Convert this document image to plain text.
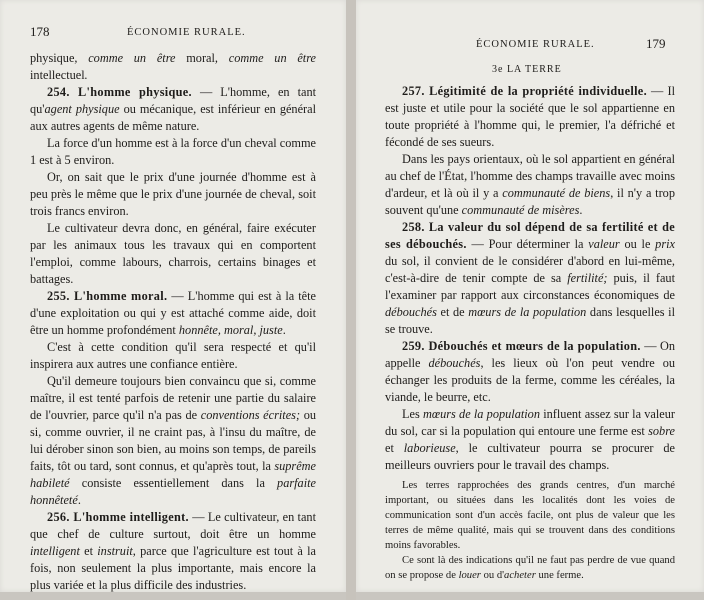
178	ÉCONOMIE RURALE.

physique, comme un être moral, comme un être intellectuel.

254. L'homme physique. — L'homme, en tant qu'agent physique ou mécanique, est inférieur en général aux autres agents de même nature.

La force d'un homme est à la force d'un cheval comme 1 est à 5 environ.

Or, on sait que le prix d'une journée d'homme est à peu près le même que le prix d'une journée de cheval, soit trois francs environ.

Le cultivateur devra donc, en général, faire exécuter par les animaux tous les travaux qui en comportent l'emploi, comme labours, charrois, certains binages et battages.

255. L'homme moral. — L'homme qui est à la tête d'une exploitation ou qui y est attaché comme aide, doit être un homme profondément honnête, moral, juste.

C'est à cette condition qu'il sera respecté et qu'il inspirera aux autres une confiance entière.

Qu'il demeure toujours bien convaincu que si, comme maître, il est tenté parfois de retenir une partie du salaire de l'ouvrier, parce qu'il n'a pas de conventions écrites; ou si, comme ouvrier, il ne craint pas, à l'insu du maître, de lui dérober sinon son bien, au moins son temps, de pareils faits, tôt ou tard, sont connus, et qu'après tout, la suprême habileté consiste essentiellement dans la parfaite honnêteté.

256. L'homme intelligent. — Le cultivateur, en tant que chef de culture surtout, doit être un homme intelligent et instruit, parce que l'agriculture est tout à la fois, non seulement la plus importante, mais encore la plus variée et la plus difficile des industries.

ÉCONOMIE RURALE.	179
3e LA TERRE

257. Légitimité de la propriété individuelle. — Il est juste et utile pour la société que le sol appartienne en toute propriété à l'homme qui, le premier, l'a défriché et fécondé de ses sueurs.

Dans les pays orientaux, où le sol appartient en général au chef de l'État, l'homme des champs travaille avec moins d'ardeur, et là où il y a communauté de biens, il n'y a trop souvent qu'une communauté de misères.

258. La valeur du sol dépend de sa fertilité et de ses débouchés. — Pour déterminer la valeur ou le prix du sol, il convient de le considérer d'abord en lui-même, c'est-à-dire de tenir compte de sa fertilité; puis, il faut l'examiner par rapport aux circonstances économiques de débouchés et de mœurs de la population dans lesquelles il se trouve.

259. Débouchés et mœurs de la population. — On appelle débouchés, les lieux où l'on peut vendre ou échanger les produits de la ferme, comme les céréales, la viande, le beurre, etc.

Les mœurs de la population influent assez sur la valeur du sol, car si la population qui entoure une ferme est sobre et laborieuse, le cultivateur pourra se procurer de meilleurs ouvriers pour le travail des champs.

Les terres rapprochées des grands centres, d'un marché important, ou situées dans les localités dont les voies de communication sont d'un accès facile, ont plus de valeur que les terres de même qualité, mais qui se trouvent dans des conditions moins favorables.

Ce sont là des indications qu'il ne faut pas perdre de vue quand on se propose de louer ou d'acheter une ferme.
